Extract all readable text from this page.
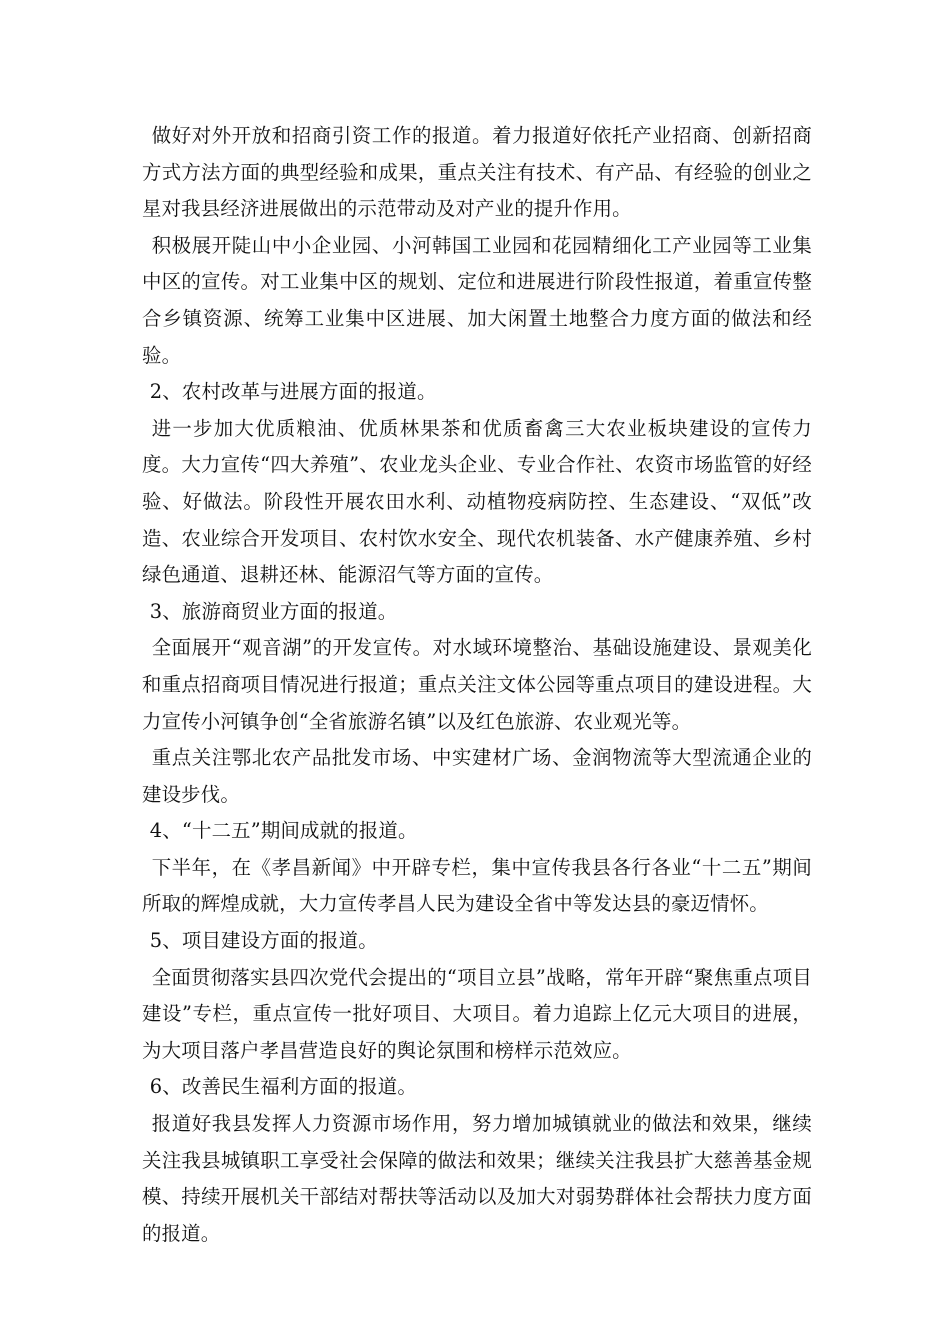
做好对外开放和招商引资工作的报道。着力报道好依托产业招商、创新招商方式方法方面的典型经验和成果，重点关注有技术、有产品、有经验的创业之星对我县经济进展做出的示范带动及对产业的提升作用。

积极展开陡山中小企业园、小河韩国工业园和花园精细化工产业园等工业集中区的宣传。对工业集中区的规划、定位和进展进行阶段性报道，着重宣传整合乡镇资源、统筹工业集中区进展、加大闲置土地整合力度方面的做法和经验。

2、农村改革与进展方面的报道。

进一步加大优质粮油、优质林果茶和优质畜禽三大农业板块建设的宣传力度。大力宣传“四大养殖”、农业龙头企业、专业合作社、农资市场监管的好经验、好做法。阶段性开展农田水利、动植物疫病防控、生态建设、“双低”改造、农业综合开发项目、农村饮水安全、现代农机装备、水产健康养殖、乡村绿色通道、退耕还林、能源沼气等方面的宣传。

3、旅游商贸业方面的报道。

全面展开“观音湖”的开发宣传。对水域环境整治、基础设施建设、景观美化和重点招商项目情况进行报道；重点关注文体公园等重点项目的建设进程。大力宣传小河镇争创“全省旅游名镇”以及红色旅游、农业观光等。

重点关注鄂北农产品批发市场、中实建材广场、金润物流等大型流通企业的建设步伐。

4、“十二五”期间成就的报道。

下半年，在《孝昌新闻》中开辟专栏，集中宣传我县各行各业“十二五”期间所取的辉煌成就，大力宣传孝昌人民为建设全省中等发达县的豪迈情怀。

5、项目建设方面的报道。

全面贯彻落实县四次党代会提出的“项目立县”战略，常年开辟“聚焦重点项目建设”专栏，重点宣传一批好项目、大项目。着力追踪上亿元大项目的进展，为大项目落户孝昌营造良好的舆论氛围和榜样示范效应。

6、改善民生福利方面的报道。

报道好我县发挥人力资源市场作用，努力增加城镇就业的做法和效果，继续关注我县城镇职工享受社会保障的做法和效果；继续关注我县扩大慈善基金规模、持续开展机关干部结对帮扶等活动以及加大对弱势群体社会帮扶力度方面的报道。
